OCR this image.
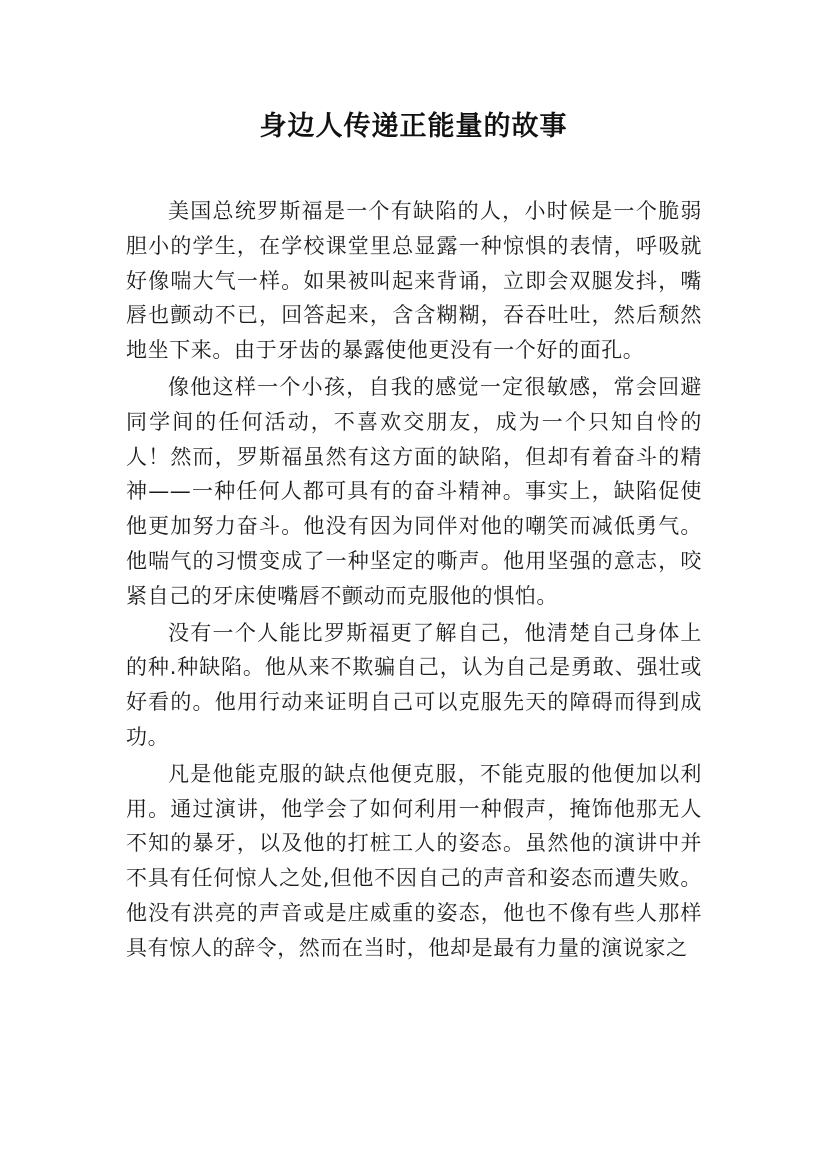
身边人传递正能量的故事

美国总统罗斯福是一个有缺陷的人，小时候是一个脆弱胆小的学生，在学校课堂里总显露一种惊惧的表情，呼吸就好像喘大气一样。如果被叫起来背诵，立即会双腿发抖，嘴唇也颤动不已，回答起来，含含糊糊，吞吞吐吐，然后颓然地坐下来。由于牙齿的暴露使他更没有一个好的面孔。

像他这样一个小孩，自我的感觉一定很敏感，常会回避同学间的任何活动，不喜欢交朋友，成为一个只知自怜的人！然而，罗斯福虽然有这方面的缺陷，但却有着奋斗的精神——一种任何人都可具有的奋斗精神。事实上，缺陷促使他更加努力奋斗。他没有因为同伴对他的嘲笑而减低勇气。他喘气的习惯变成了一种坚定的嘶声。他用坚强的意志，咬紧自己的牙床使嘴唇不颤动而克服他的惧怕。

没有一个人能比罗斯福更了解自己，他清楚自己身体上的种.种缺陷。他从来不欺骗自己，认为自己是勇敢、强壮或好看的。他用行动来证明自己可以克服先天的障碍而得到成功。

凡是他能克服的缺点他便克服，不能克服的他便加以利用。通过演讲，他学会了如何利用一种假声，掩饰他那无人不知的暴牙，以及他的打桩工人的姿态。虽然他的演讲中并不具有任何惊人之处,但他不因自己的声音和姿态而遭失败。他没有洪亮的声音或是庄威重的姿态，他也不像有些人那样具有惊人的辞令，然而在当时，他却是最有力量的演说家之
